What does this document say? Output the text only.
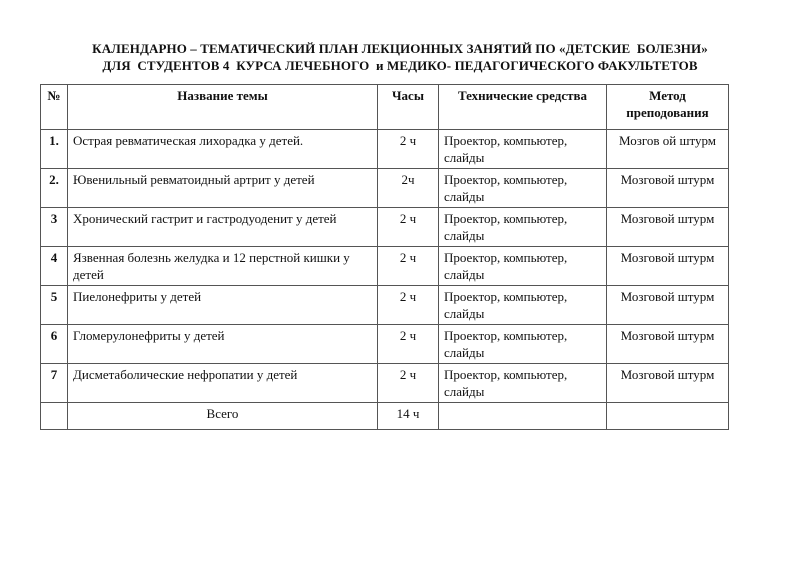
КАЛЕНДАРНО – ТЕМАТИЧЕСКИЙ ПЛАН ЛЕКЦИОННЫХ ЗАНЯТИЙ ПО «ДЕТСКИЕ  БОЛЕЗНИ»
ДЛЯ  СТУДЕНТОВ 4  КУРСА ЛЕЧЕБНОГО  и МЕДИКО- ПЕДАГОГИЧЕСКОГО ФАКУЛЬТЕТОВ
№	Название темы	Часы	Технические средства	Метод преподования
1.	Острая ревматическая лихорадка у детей.	2 ч	Проектор, компьютер, слайды	Мозгов ой штурм
2.	Ювенильный ревматоидный артрит у детей	2ч	Проектор, компьютер, слайды	Мозговой штурм
3	Хронический гастрит и гастродуоденит у детей	2 ч	Проектор, компьютер, слайды	Мозговой штурм
4	Язвенная болезнь желудка и 12 перстной кишки у детей	2 ч	Проектор, компьютер, слайды	Мозговой штурм
5	Пиелонефриты у детей	2 ч	Проектор, компьютер, слайды	Мозговой штурм
6	Гломерулонефриты у детей	2 ч	Проектор, компьютер, слайды	Мозговой штурм
7	Дисметаболические нефропатии у детей	2 ч	Проектор, компьютер, слайды	Мозговой штурм
	Всего	14 ч		
